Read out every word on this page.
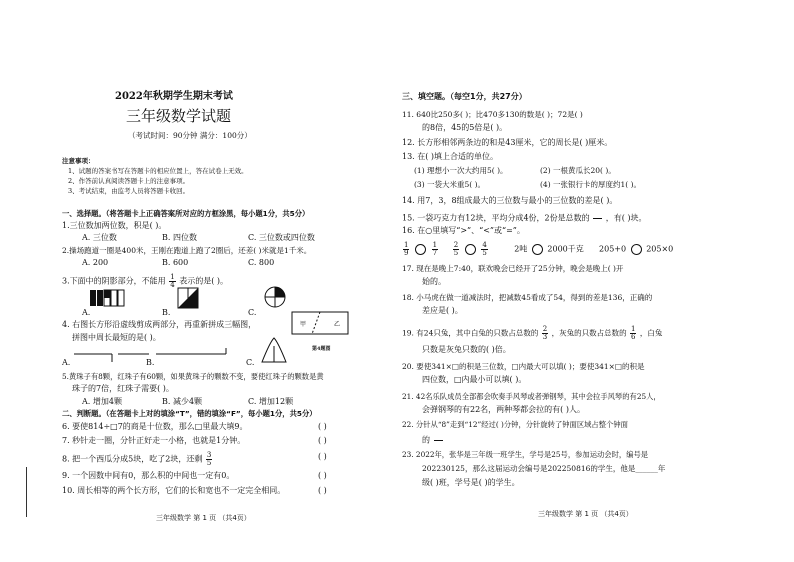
2022年秋期学生期末考试
三年级数学试题
（考试时间：90分钟 满分：100分）
注意事项：
1、试题的答案书写在答题卡的相应位置上，答在试卷上无效。
2、作答前认真阅读答题卡上的注意事项。
3、考试结束，由监考人员将答题卡收回。
一、选择题。（将答题卡上正确答案所对应的方框涂黑，每小题1分，共5分）
1.三位数加两位数，积是( )。
A. 三位数	B. 四位数	C. 三位数或四位数
2.操场跑道一圈是400米，王刚在跑道上跑了2圈后，还差( )米就是1千米。
A. 200	B. 600	C. 800
3.下面中的阴影部分，不能用 $\frac{1}{4}$ 表示的是( )。
A.	B.	C.
4. 右图长方形沿虚线剪成两部分，再重新拼成三幅图，
拼图中周长最短的是( )。
甲	乙
第4题图
A.	B.	C.
5.黄珠子有8颗，红珠子有60颗，如果黄珠子的颗数不变，要使红珠子的颗数是黄
珠子的7倍，红珠子需要( )。
A. 增加4颗	B. 减少4颗	C. 增加12颗
二、判断题。（在答题卡上对的填涂“T”，错的填涂“F”，每小题1分，共5分）
6. 要使814÷□7的商是十位数，那么□里最大填9。	( )
7. 秒针走一圈，分针正好走一小格，也就是1分钟。	( )
8. 把一个西瓜分成5块，吃了2块，还剩 $\frac{3}{5}$	( )
9. 一个因数中间有0，那么积的中间也一定有0。	( )
10. 周长相等的两个长方形，它们的长和宽也不一定完全相同。	( )
三年级数学 第 1 页 （共4页）
三、填空题。（每空1分，共27分）
11. 640比250多( )；比470多130的数是( )；72是( )
的8倍，45的5倍是( )。
12. 长方形相邻两条边的和是43厘米，它的周长是( )厘米。
13. 在( )填上合适的单位。
(1) 理想小一次大约用5( )。	(2) 一根黄瓜长20( )。
(3) 一袋大米重5( )。	(4) 一张银行卡的厚度约1( )。
14. 用7，3，8组成最大的三位数与最小的三位数的差是( )。
15. 一袋巧克力有12块，平均分成4份，2份是总数的

  ，有( )块。
16. 在○里填写“>”、“<”或“=”。
$\frac{1}{9}$
	$\frac{1}{7}$
$\frac{2}{5}$
	$\frac{4}{5}$	2吨	2000千克 205+0	205×0
17. 现在是晚上7:40，联欢晚会已经开了25分钟，晚会是晚上( )开
始的。
18. 小马虎在做一道减法时，把减数45看成了54，得到的差是136，正确的
差应是( )。
19. 有24只兔，其中白兔的只数占总数的 $\frac{2}{3}$ ，灰兔的只数占总数的 $\frac{1}{6}$ ，白兔
只数是灰兔只数的( )倍。
20. 要使341×□的积是三位数，□内最大可以填( )；要使341×□的积是
四位数，□内最小可以填( )。
21. 42名乐队成员全部都会吹奏手风琴或者弹钢琴，其中会拉手风琴的有25人，
会弹钢琴的有22名，两种琴都会拉的有( )人。
22. 分针从“8”走到“12”经过( )分钟，分针旋转了钟面区域占整个钟面
的

23. 2022年，张华是三年级一班学生，学号是25号，参加运动会时，编号是
202230125，那么这届运动会编号是202250816的学生，他是______年
级( )班，学号是( )的学生。
三年级数学 第 1 页 （共4页）
